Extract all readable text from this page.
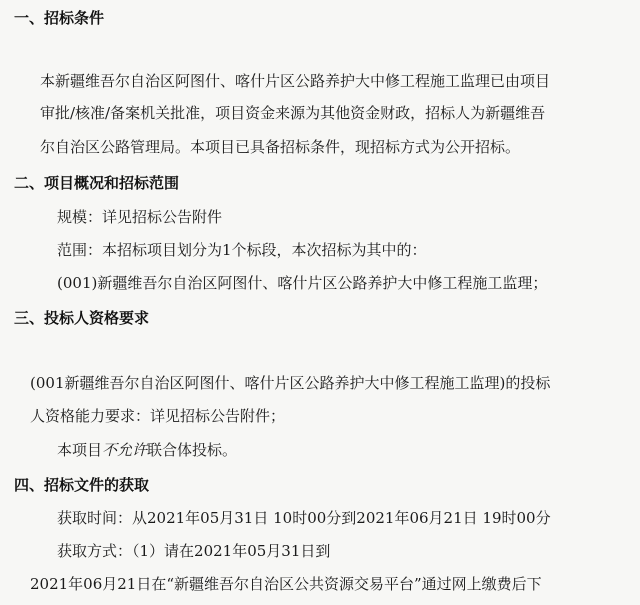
一、招标条件
本新疆维吾尔自治区阿图什、喀什片区公路养护大中修工程施工监理已由项目
审批/核准/备案机关批准，项目资金来源为其他资金财政，招标人为新疆维吾
尔自治区公路管理局。本项目已具备招标条件，现招标方式为公开招标。
二、项目概况和招标范围
规模：详见招标公告附件
范围：本招标项目划分为1个标段，本次招标为其中的：
(001)新疆维吾尔自治区阿图什、喀什片区公路养护大中修工程施工监理；
三、投标人资格要求
(001新疆维吾尔自治区阿图什、喀什片区公路养护大中修工程施工监理)的投标
人资格能力要求：详见招标公告附件；
本项目不允许联合体投标。
四、招标文件的获取
获取时间：从2021年05月31日 10时00分到2021年06月21日 19时00分
获取方式：（1）请在2021年05月31日到
2021年06月21日在“新疆维吾尔自治区公共资源交易平台”通过网上缴费后下
